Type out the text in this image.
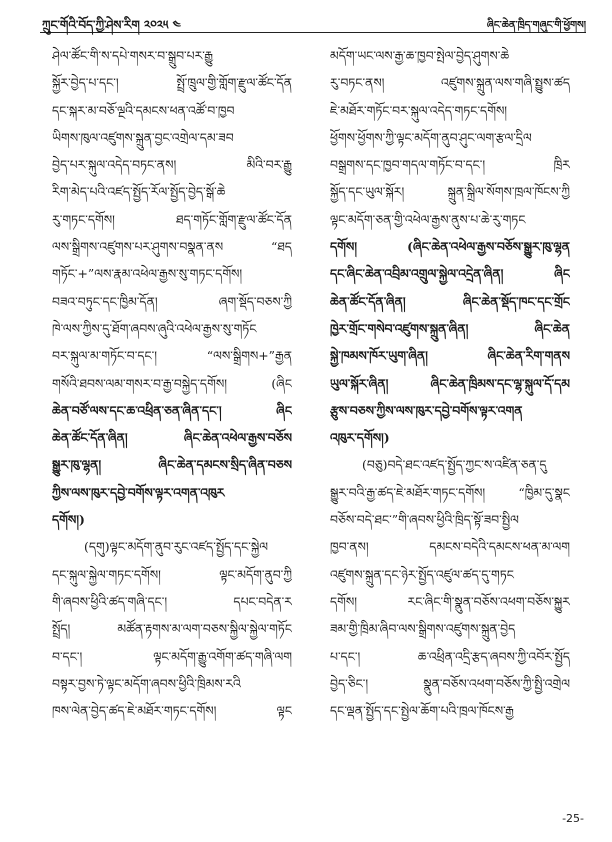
ཀྲུང་གོའི་བོད་ཀྱི་ཤེས་རིག ༢༠༢༥ ༤	ཞིང་ཆེན་ཁྲིད་གཞུང་གི་ཕྱོགས།
ཤེལ་ཚོང་གི་ས་དཔེ་གསར་བ་སྒྲུབ་པར་རྒྱུ
སྐྱོར་བྱེད་པ་དང་། སྤྲོ་ཁྲུལ་གྱི་གློག་རྫུལ་ཚོང་དོན
དང་སྐར་མ་བཅོ་ལྔའི་དམངས་ཕན་འཚོ་བ་ཁྱབ
ཡིགས་ཁུལ་འཛུགས་སྐྲུན་བྱང་འགྲེལ་དམ་ཟབ
བྱེད་པར་སྐུལ་འདེད་བཏང་ནས། མིའི་བར་རྒྱུ
རིག་མེད་པའི་འཛད་སྤྱོད་རོལ་སྤྱོད་བྱེད་སྒོ་ཆེ
རུ་གཏང་དགོས། ཐད་གཏོང་གློག་རྫུལ་ཚོང་དོན
ལས་སྒྲིགས་འཛུགས་པར་ཤུགས་བསྣན་ནས “ཐད
གཏོང་+”ལས་རྣམ་འཕེལ་རྒྱས་སུ་གཏང་དགོས།
བཟའ་བཏུང་དང་ཁྱིམ་དོན། ཞག་སྡོད་བཅས་ཀྱི
ཁེ་ལས་ཀྱིས་དུ་ཐོག་ཞབས་ཞུའི་འཕེལ་རྒྱས་སུ་གཏོང
བར་སྐུལ་མ་གཏོང་བ་དང་། “ལས་སྒྲིགས+”རྒྱན
གསོའི་ཐབས་ལམ་གསར་བ་རྒྱ་བསྐྱེད་དགོས། (ཞིང
ཆེན་བཙོ་ལས་དང་ཆ་འཕྲིན་ཅན་ཞིན་དང་། ཞིང
ཆེན་ཚོང་དོན་ཞིན། ཞིང་ཆེན་འཕེལ་རྒྱས་བཅོས
སྒྱུར་ཁུ་ལྷན། ཞིང་ཆེན་དམངས་སྲིད་ཞིན་བཅས
ཀྱིས་ལས་ཁུར་དབྱེ་བགོས་ལྟར་འགན་འཁུར
དགོས།)
(དགུ)ལྟང་མདོག་ནུབ་རུང་འཛད་སྤྱོད་དང་སྐྱེལ
དང་སྐུལ་སྐྱེལ་གཏང་དགོས། ལྟང་མདོག་ནུབ་ཀྱི
གི་ཞབས་ཕྱིའི་ཚད་གཞི་དང་། དཔང་བདེན་ར
སྤྲོད། མཚོན་རྟགས་མ་ལག་བཅས་སྐྱིལ་སྐྱེལ་གཏོང
བ་དང་། ལྟང་མདོག་རྒྱུ་འགོག་ཚད་གཞི་ལག
བསྟར་བྱས་ཏེ་ལྟང་མདོག་ཞབས་ཕྱིའི་ཁྲིམས་རའི
ཁས་ལེན་བྱེད་ཚད་ཇེ་མཐོར་གཏང་དགོས། ལྟང
མདོག་ཡང་ལས་རྒྱ་ཆ་ཁྱབ་སྤེལ་བྱེད་ཤུགས་ཆེ
རུ་བཏང་ནས། འཛུགས་སྐྲུན་ལས་གཞི་སྤྱུས་ཚད
ཇེ་མཐོར་གཏོང་བར་སྐུལ་འདེད་གཏང་དགོས།
ཕྱོགས་ཕྱོགས་ཀྱི་ལྟང་མདོག་ནུབ་ཤུང་ལག་རྩལ་དྲིལ
བསྒྲགས་དང་ཁྱབ་གདལ་གཏོང་བ་དང་། ཁྲིར
སྐྱོད་དང་ཡུལ་སྐོར། སྐྲུན་སྐྲིལ་སོགས་ཁྲལ་ཁོངས་ཀྱི
ལྟང་མདོག་ཅན་གྱི་འཕེལ་རྒྱས་ནུས་པ་ཆེ་རུ་གཏང
དགོས། (ཞིང་ཆེན་འཕེལ་རྒྱས་བཅོས་སྒྱུར་ཁུ་ལྷན
དང་ཞིང་ཆེན་འབྲིམ་འགྲུལ་སྐྱེལ་འདྲེན་ཞིན། ཞིང
ཆེན་ཚོང་དོན་ཞིན། ཞིང་ཆེན་སྡོད་ཁང་དང་གྲོང
ཁྱེར་གྲོང་གསེབ་འཛུགས་སྐྲུན་ཞིན། ཞིང་ཆེན
སྐྱེ་ཁམས་ཁོར་ཡུག་ཞིན། ཞིང་ཆེན་རིག་གནས
ཡུལ་སྐོར་ཞིན། ཞིང་ཆེན་ཁྲིམས་དང་ལྷ་སྐུལ་དོ་དམ
རྩུས་བཅས་ཀྱིས་ལས་ཁུར་དབྱེ་བགོས་ལྟར་འགན
འཁུར་དགོས།)
(བཅུ)བདེ་ཐང་འཛད་སྤྱོད་ཀྱང་ས་འཛིན་ཅན་དུ
སྒྱུར་བའི་རྒྱ་ཚད་ཇེ་མཐོར་གཏང་དགོས། “ཁྱིམ་དུ་སྣང
བཅོས་བདེ་ཐང་”གི་ཞབས་ཕྱིའི་ཁྲིད་སྟོ་ཟབ་སྤྱིལ
ཁྱབ་ནས། དམངས་བདེའི་དམངས་ཕན་མ་ལག
འཛུགས་སྐྲུན་དང་ཉེར་སྤྱོད་འཛུལ་ཚད་དུ་གཏང
དགོས། རང་ཞིང་གི་སྣུན་བཅོས་འཕག་བཅོས་སྐྱུར
ཟམ་གྱི་ཁྲིམ་ཞིབ་ལས་སྒྲིགས་འཛུགས་སྐྲུན་བྱེད
པ་དང་། ཆ་འཕྲིན་འདྲི་རྩད་ཞབས་ཀྱི་འབོར་སྤྱོད
བྱེད་ཅིང་། སྣུན་བཅོས་འཕག་བཅོས་ཀྱི་སྤྱི་འགྲེལ
དང་ལྡན་སྤྱོད་དང་སྤྱེལ་ཆོག་པའི་ཁྲལ་ཁོངས་རྒྱ
-25-
